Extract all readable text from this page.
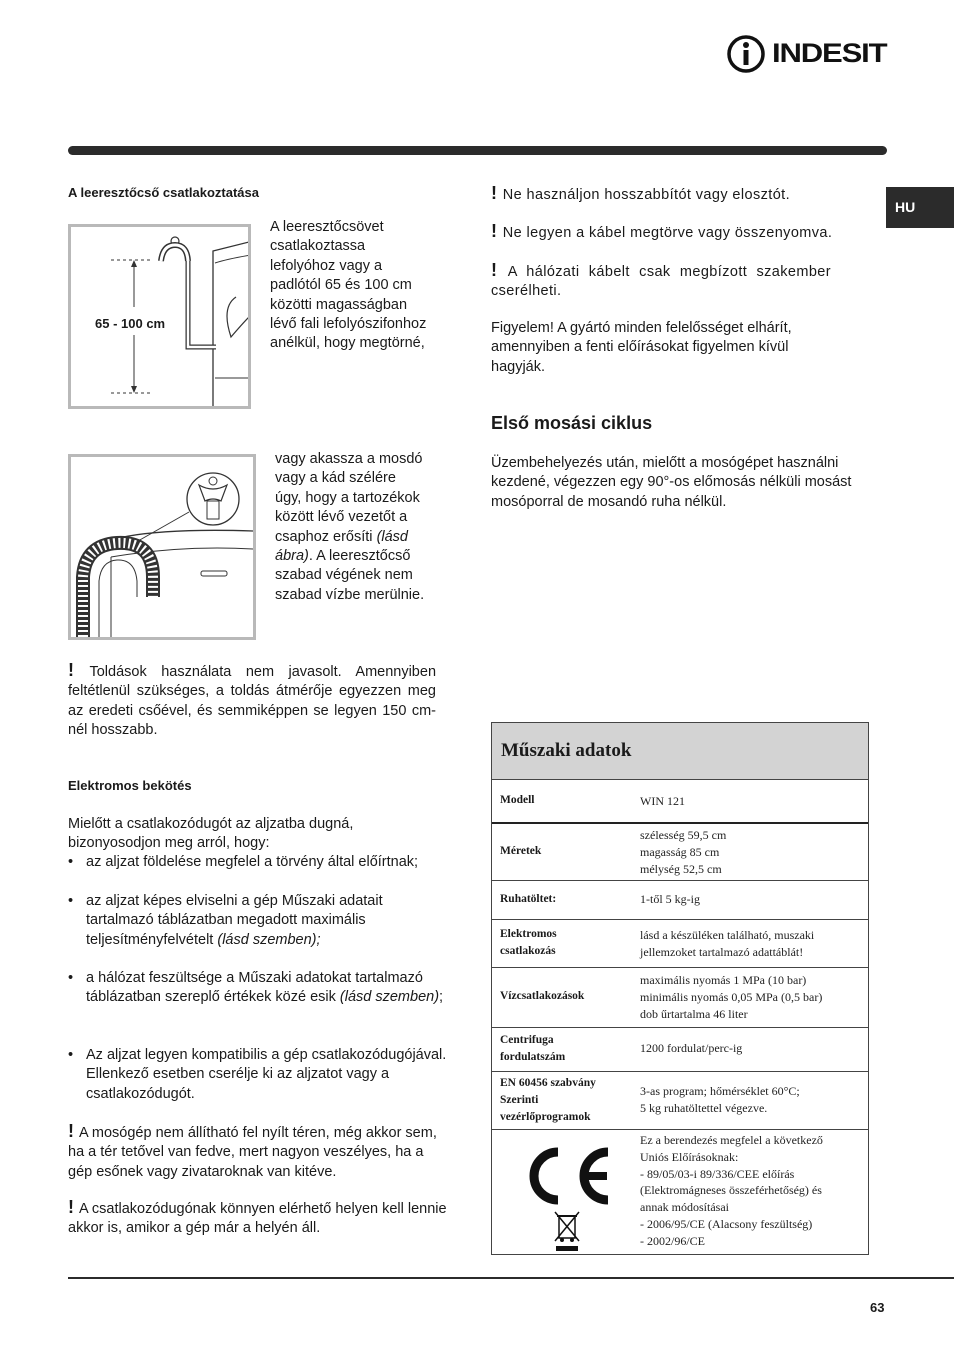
INDESIT
HU
A leeresztőcső csatlakoztatása
65 - 100 cm
A leeresztőcsövet
csatlakoztassa
lefolyóhoz vagy a
padlótól 65 és 100 cm
közötti magasságban
lévő fali lefolyószifonhoz
anélkül, hogy megtörné,
vagy akassza a mosdó
vagy a kád szélére
úgy, hogy a tartozékok
között lévő vezetőt a
csaphoz erősíti (lásd
ábra). A leeresztőcső
szabad végének nem
szabad vízbe merülnie.
! Toldások használata nem javasolt. Amennyiben feltétlenül szükséges, a toldás átmérője egyezzen meg az eredeti csőével, és semmiképpen se legyen 150 cm-nél hosszabb.
Elektromos bekötés
Mielőtt a csatlakozódugót az aljzatba dugná,
bizonyosodjon meg arról, hogy:
• az aljzat földelése megfelel a törvény által előírtnak;
• az aljzat képes elviselni a gép Műszaki adatait tartalmazó táblázatban megadott maximális teljesítményfelvételt (lásd szemben);
• a hálózat feszültsége a Műszaki adatokat tartalmazó táblázatban szereplő értékek közé esik (lásd szemben);
• Az aljzat legyen kompatibilis a gép csatlakozódugójával. Ellenkező esetben cserélje ki az aljzatot vagy a csatlakozódugót.
! A mosógép nem állítható fel nyílt téren, még akkor sem, ha a tér tetővel van fedve, mert nagyon veszélyes, ha a gép esőnek vagy zivataroknak van kitéve.
! A csatlakozódugónak könnyen elérhető helyen kell lennie akkor is, amikor a gép már a helyén áll.
! Ne használjon hosszabbítót vagy elosztót.
! Ne legyen a kábel megtörve vagy összenyomva.
! A hálózati kábelt csak megbízott szakember cserélheti.
Figyelem! A gyártó minden felelősséget elhárít, amennyiben a fenti előírásokat figyelmen kívül hagyják.
Első mosási ciklus
Üzembehelyezés után, mielőtt a mosógépet használni kezdené, végezzen egy 90°-os előmosás nélküli mosást mosóporral de mosandó ruha nélkül.
Műszaki adatok
Modell	WIN 121
Méretek
szélesség 59,5 cm
magasság 85 cm
mélység 52,5 cm
Ruhatöltet:	1-től 5 kg-ig
Elektromos
csatlakozás
lásd a készüléken található, muszaki
jellemzoket tartalmazó adattáblát!
Vízcsatlakozások
maximális nyomás 1 MPa (10 bar)
minimális nyomás 0,05 MPa (0,5 bar)
dob űrtartalma 46 liter
Centrifuga
fordulatszám
1200 fordulat/perc-ig
EN 60456 szabvány
Szerinti
vezérlőprogramok
3-as program; hőmérséklet 60°C;
5 kg ruhatöltettel végezve.
Ez a berendezés megfelel a következő
Uniós Előírásoknak:
- 89/05/03-i 89/336/CEE előírás
(Elektromágneses összeférhetőség) és
annak módosításai
- 2006/95/CE (Alacsony feszültség)
- 2002/96/CE
63
